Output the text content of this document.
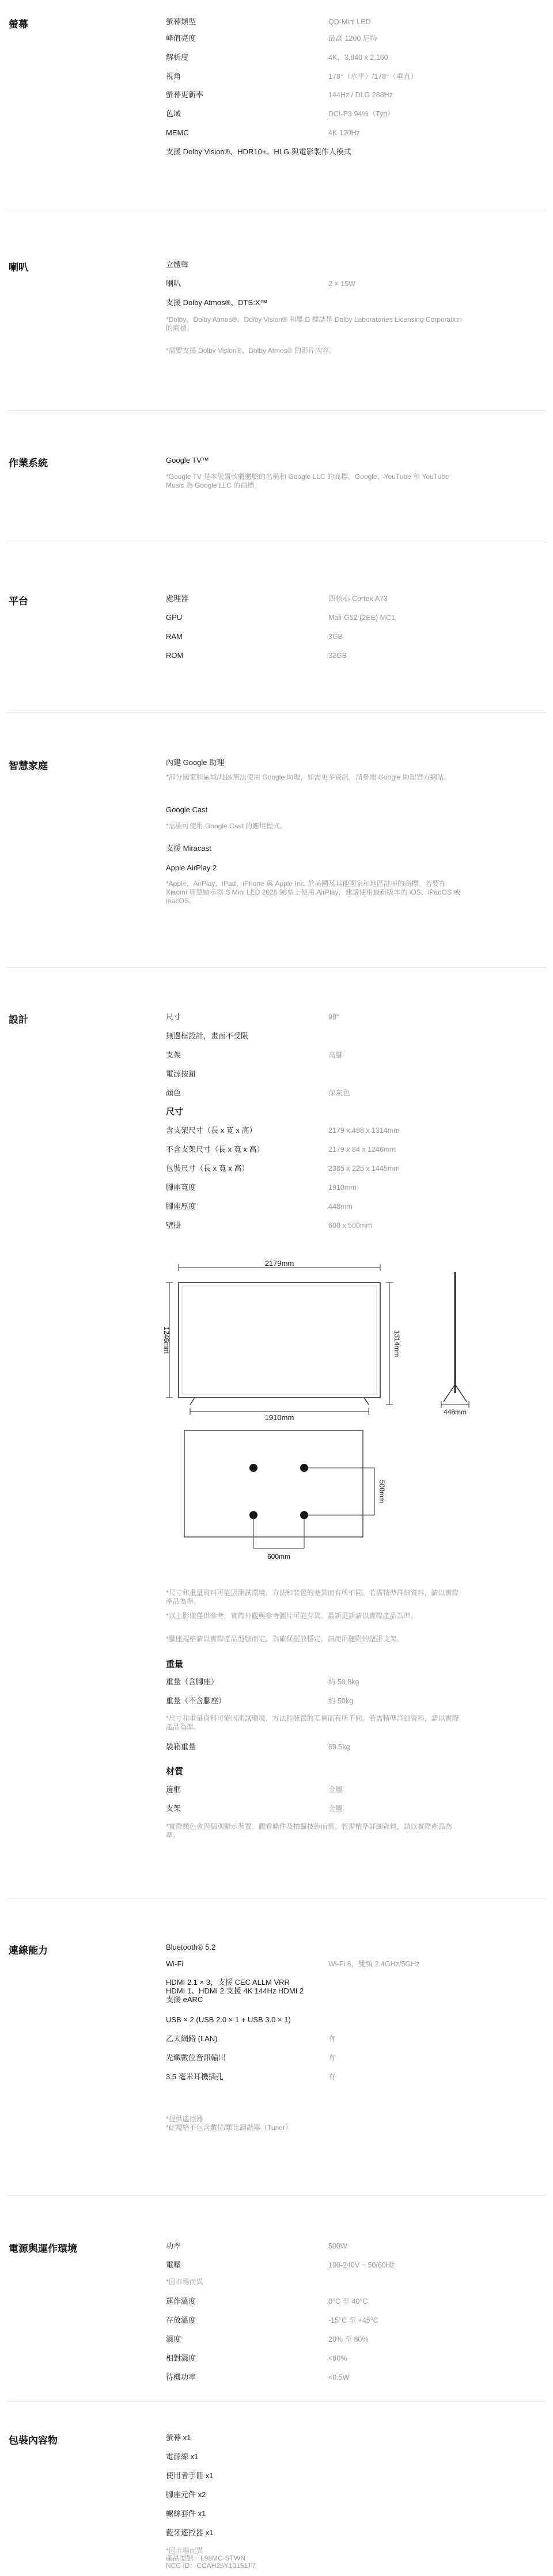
螢幕	螢幕類型	QD-Mini LED
峰值亮度	最高 1200 尼特
解析度	4K，3,840 x 2,160
視角	178°（水平）/178°（垂直）
螢幕更新率	144Hz / DLG 288Hz
色域	DCI-P3 94%（Typ）
MEMC	4K 120Hz
支援 Dolby Vision®、HDR10+、HLG 與電影製作人模式
喇叭	立體聲
喇叭	2 × 15W
支援 Dolby Atmos®、DTS:X™
*Dolby、Dolby Atmos®、Dolby Vision® 和雙 D 標誌是 Dolby Laboratories Licensing Corporation 的商標。
*需要支援 Dolby Vision®、Dolby Atmos® 的影片內容。
作業系統	Google TV™
*Google TV 是本裝置軟體體驗的名稱和 Google LLC 的商標。Google、YouTube 和 YouTube Music 為 Google LLC 的商標。
平台	處理器	四核心 Cortex A73
GPU	Mali-G52 (2EE) MC1
RAM	3GB
ROM	32GB
智慧家庭	內建 Google 助理
*部分國家和區域/地區無法使用 Google 助理，如需更多資訊，請參閱 Google 助理官方網站。
Google Cast
*需要可使用 Google Cast 的應用程式。
支援 Miracast
Apple AirPlay 2
*Apple、AirPlay、iPad、iPhone 與 Apple Inc. 於美國及其他國家和地區註冊的商標。若要在 Xiaomi 智慧顯示器 S Mini LED 2026 98型上使用 AirPlay，建議使用最新版本的 iOS、iPadOS 或 macOS。
設計	尺寸	98"
無邊框設計，畫面不受限
支架	高腳
電源按鈕
顏色	深灰色
尺寸
含支架尺寸（長 x 寬 x 高）	2179 x 488 x 1314mm
不含支架尺寸（長 x 寬 x 高）	2179 x 84 x 1246mm
包裝尺寸（長 x 寬 x 高）	2385 x 225 x 1445mm
腳座寬度	1910mm
腳座厚度	448mm
壁掛	600 x 500mm
2179mm
1246mm	1314mm
1910mm
448mm
500mm
600mm
*尺寸和重量資料可能因測試環境、方法和裝置的差異而有所不同。若需精準詳細資料，請以實際產品為準。
*以上影像僅供參考，實際外觀與參考圖片可能有異。最新更新請以實際產品為準。
*腳座規格請以實際產品型號而定。為確保擺放穩定，請使用隨附的壁掛支架。
重量
重量（含腳座）	約 50.8kg
重量（不含腳座）	約 50kg
*尺寸和重量資料可能因測試環境、方法和裝置的差異而有所不同。若需精準詳細資料，請以實際產品為準。
裝箱重量	69.5kg
材質
邊框	金屬
支架	金屬
*實際顏色會因個別顯示裝置、觀看條件及拍攝技術而異。若需精準詳細資料，請以實際產品為準。
連線能力	Bluetooth® 5.2
Wi-Fi	Wi-Fi 6，雙頻 2.4GHz/5GHz
HDMI 2.1 × 3，支援 CEC ALLM VRR
HDMI 1、HDMI 2 支援 4K 144Hz HDMI 2
支援 eARC
USB × 2 (USB 2.0 × 1 + USB 3.0 × 1)
乙太網路 (LAN)	有
光纖數位音訊輸出	有
3.5 毫米耳機插孔	有
*提供遙控器
*此規格不包含數位/類比調諧器（Tuner）
電源與運作環境	功率	500W
電壓	100-240V ~ 50/60Hz
*因市場而異
運作溫度	0°C 至 40°C
存放溫度	-15°C 至 +45°C
濕度	20% 至 80%
相對濕度	<80%
待機功率	<0.5W
包裝內容物	螢幕 x1
電源線 x1
使用者手冊 x1
腳座元件 x2
螺絲套件 x1
藍牙遙控器 x1
*因市場而異
產品型號：L98MC-STWN
NCC ID：CCAH25Y10151T7
